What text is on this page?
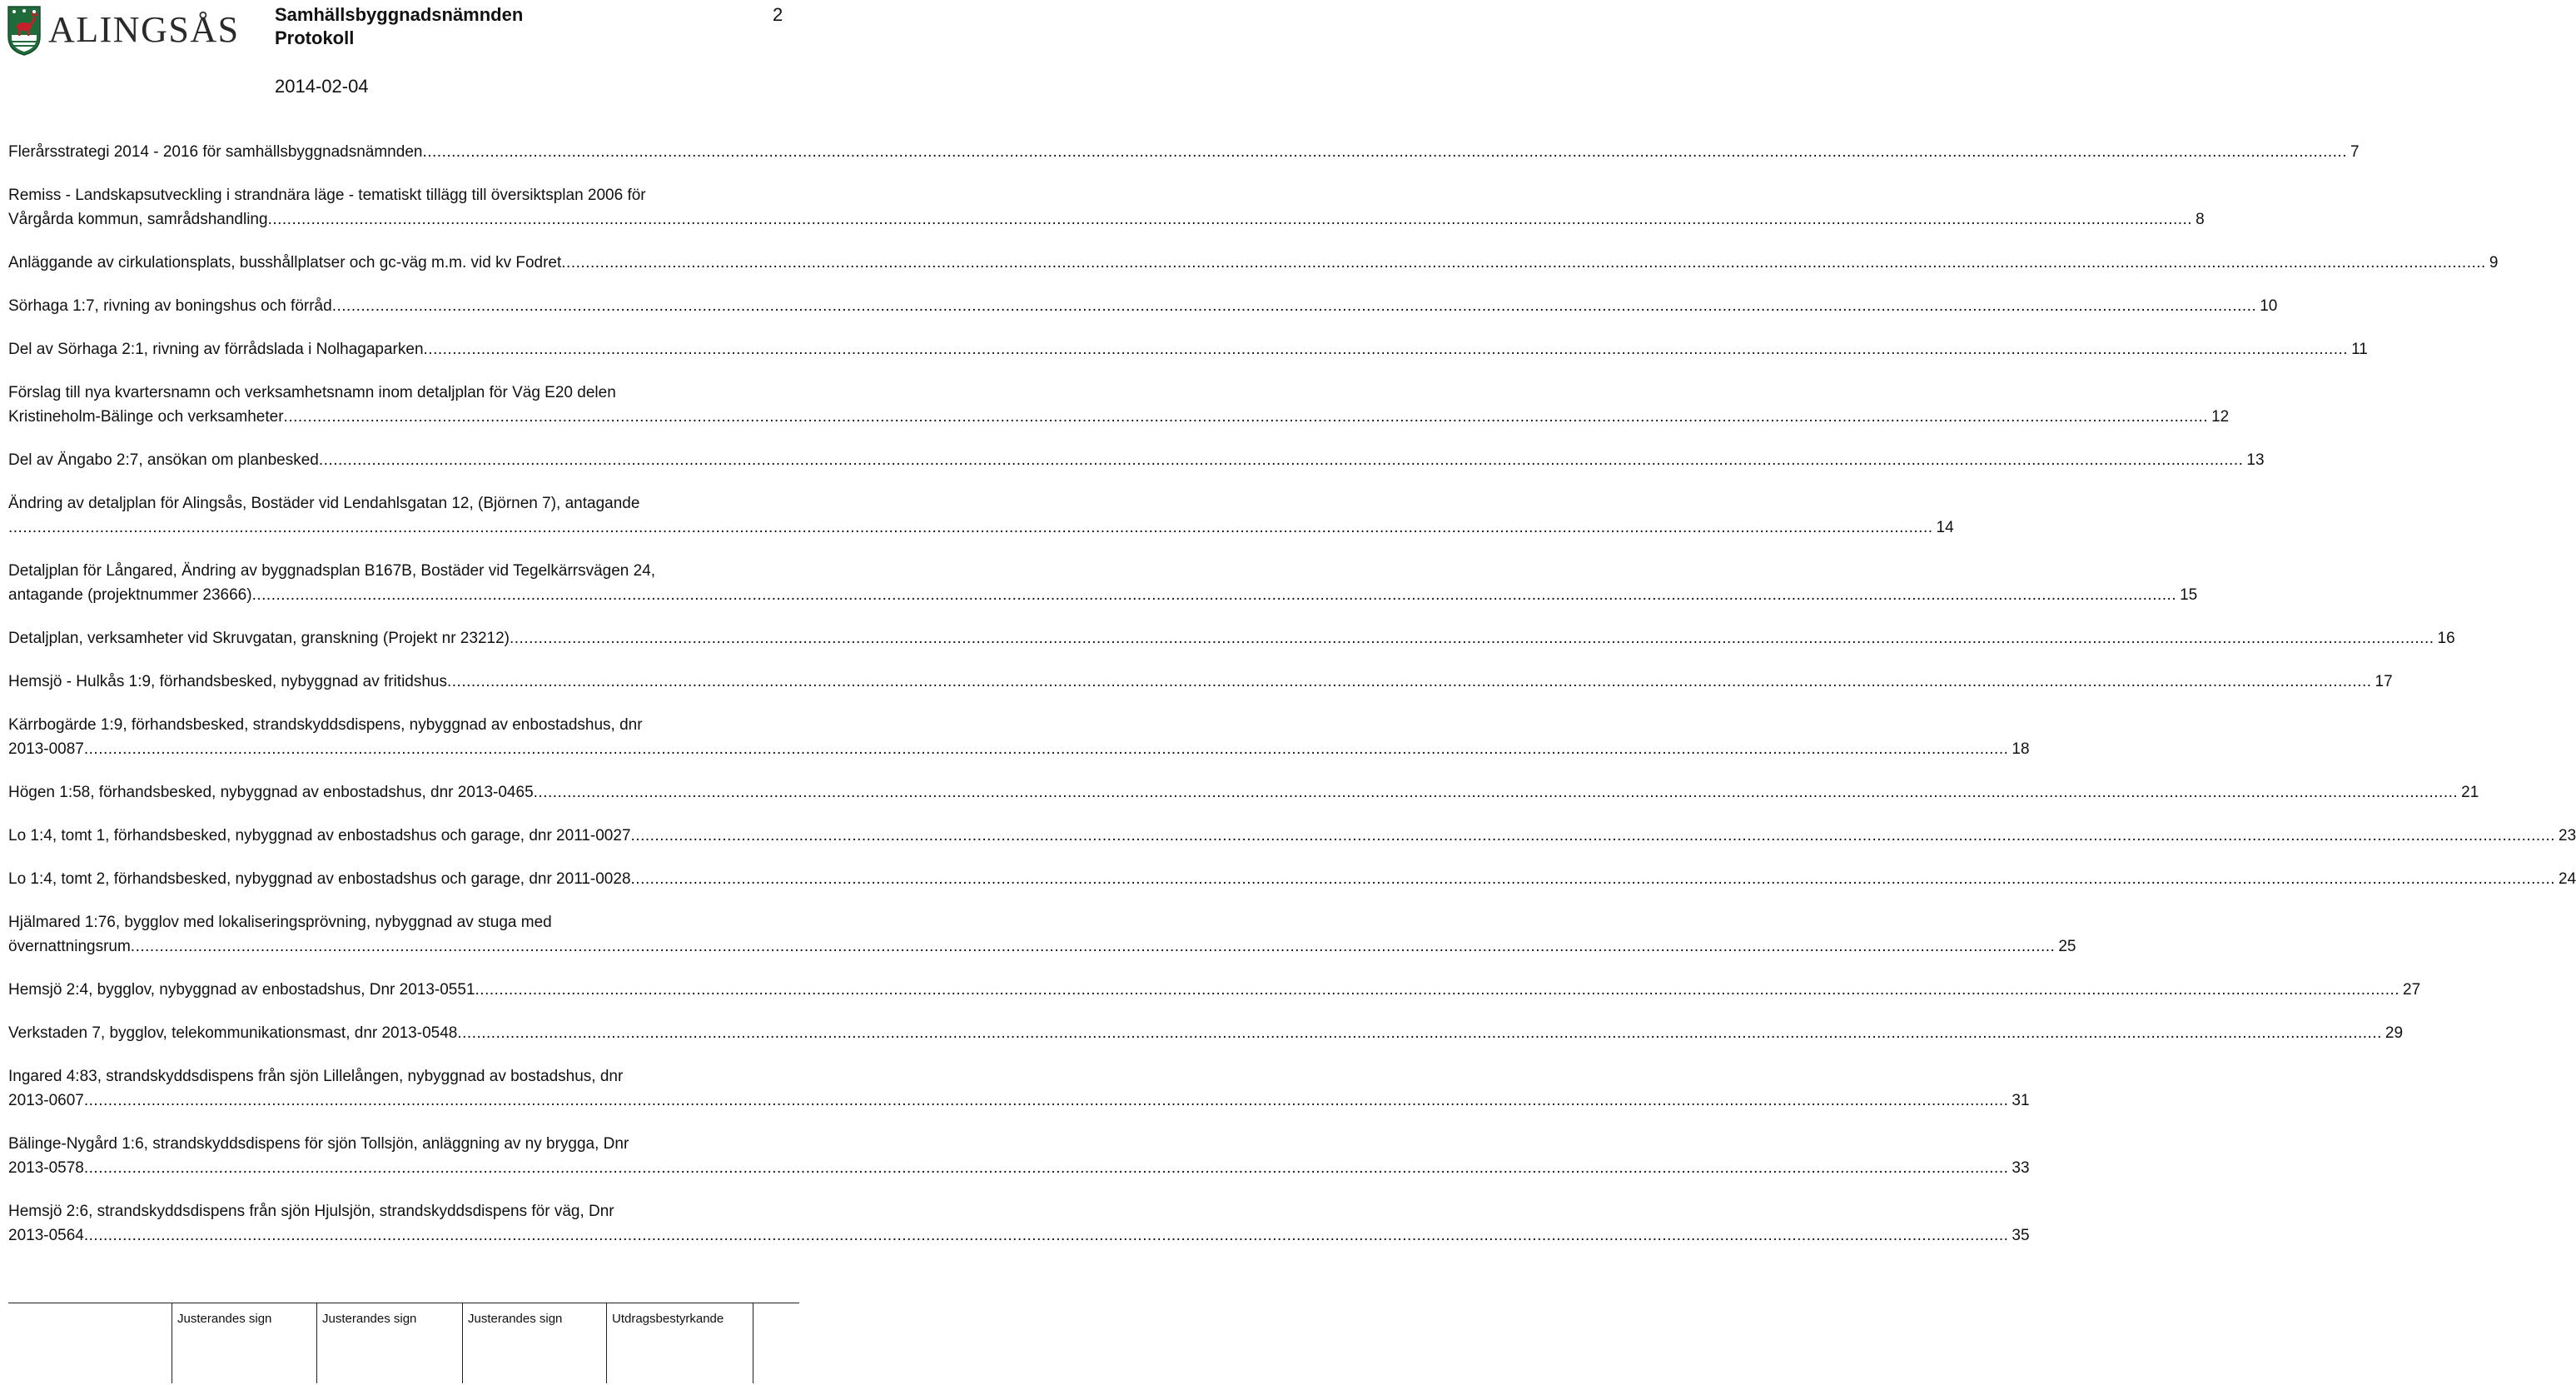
ALINGSÅS Samhällsbyggnadsnämnden
Protokoll
2
2014-02-04
Flerårsstrategi 2014 - 2016 för samhällsbyggnadsnämnden ................................................................................................................................................................................................................................................................................................................................................................................................................ 7
Remiss - Landskapsutveckling i strandnära läge - tematiskt tillägg till översiktsplan 2006 för
Vårgårda kommun, samrådshandling ................................................................................................................................................................................................................................................................................................................................................................................................................ 8
Anläggande av cirkulationsplats, busshållplatser och gc-väg m.m. vid kv Fodret ................................................................................................................................................................................................................................................................................................................................................................................................................ 9
Sörhaga 1:7, rivning av boningshus och förråd ................................................................................................................................................................................................................................................................................................................................................................................................................ 10
Del av Sörhaga 2:1, rivning av förrådslada i Nolhagaparken ................................................................................................................................................................................................................................................................................................................................................................................................................ 11
Förslag till nya kvartersnamn och verksamhetsnamn inom detaljplan för Väg E20 delen
Kristineholm-Bälinge och verksamheter ................................................................................................................................................................................................................................................................................................................................................................................................................ 12
Del av Ängabo 2:7, ansökan om planbesked ................................................................................................................................................................................................................................................................................................................................................................................................................ 13
Ändring av detaljplan för Alingsås, Bostäder vid Lendahlsgatan 12, (Björnen 7), antagande
................................................................................................................................................................................................................................................................................................................................................................................................................ 14
Detaljplan för Långared, Ändring av byggnadsplan B167B, Bostäder vid Tegelkärrsvägen 24,
antagande (projektnummer 23666) ................................................................................................................................................................................................................................................................................................................................................................................................................ 15
Detaljplan, verksamheter vid Skruvgatan, granskning (Projekt nr 23212) ................................................................................................................................................................................................................................................................................................................................................................................................................ 16
Hemsjö - Hulkås 1:9, förhandsbesked, nybyggnad av fritidshus ................................................................................................................................................................................................................................................................................................................................................................................................................ 17
Kärrbogärde 1:9, förhandsbesked, strandskyddsdispens, nybyggnad av enbostadshus, dnr
2013-0087 ................................................................................................................................................................................................................................................................................................................................................................................................................ 18
Högen 1:58, förhandsbesked, nybyggnad av enbostadshus, dnr 2013-0465 ................................................................................................................................................................................................................................................................................................................................................................................................................ 21
Lo 1:4, tomt 1, förhandsbesked, nybyggnad av enbostadshus och garage, dnr 2011-0027 ................................................................................................................................................................................................................................................................................................................................................................................................................ 23
Lo 1:4, tomt 2, förhandsbesked, nybyggnad av enbostadshus och garage, dnr 2011-0028 ................................................................................................................................................................................................................................................................................................................................................................................................................ 24
Hjälmared 1:76, bygglov med lokaliseringsprövning, nybyggnad av stuga med
övernattningsrum ................................................................................................................................................................................................................................................................................................................................................................................................................ 25
Hemsjö 2:4, bygglov, nybyggnad av enbostadshus, Dnr 2013-0551 ................................................................................................................................................................................................................................................................................................................................................................................................................ 27
Verkstaden 7, bygglov, telekommunikationsmast, dnr 2013-0548 ................................................................................................................................................................................................................................................................................................................................................................................................................ 29
Ingared 4:83, strandskyddsdispens från sjön Lillelången, nybyggnad av bostadshus, dnr
2013-0607 ................................................................................................................................................................................................................................................................................................................................................................................................................ 31
Bälinge-Nygård 1:6, strandskyddsdispens för sjön Tollsjön, anläggning av ny brygga, Dnr
2013-0578 ................................................................................................................................................................................................................................................................................................................................................................................................................ 33
Hemsjö 2:6, strandskyddsdispens från sjön Hjulsjön, strandskyddsdispens för väg, Dnr
2013-0564 ................................................................................................................................................................................................................................................................................................................................................................................................................ 35
Justerandes sign	Justerandes sign	Justerandes sign	Utdragsbestyrkande
